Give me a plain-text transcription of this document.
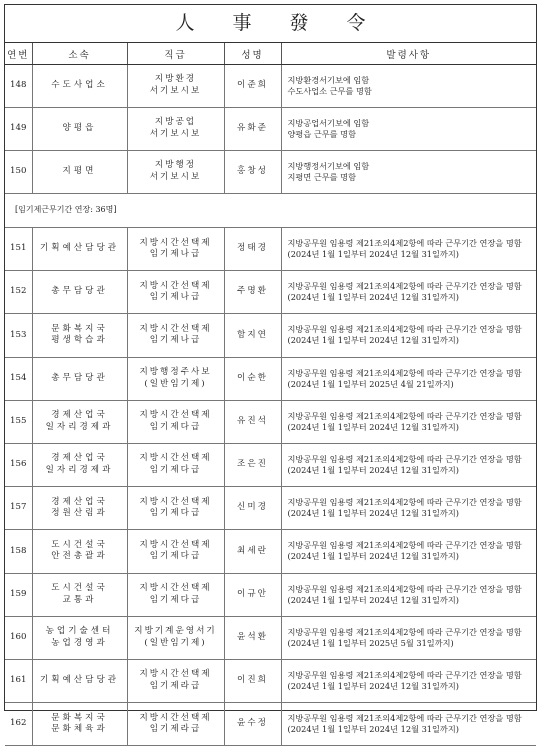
人 事 發 令
연번	소속	직급	성명	발령사항
148	수도사업소	지방환경
서기보시보	이준희	지방환경서기보에 임함
수도사업소 근무를 명함

149	양평읍	지방공업
서기보시보	유화준	지방공업서기보에 임함
양평읍 근무를 명함

150	지평면	지방행정
서기보시보	홍창성	지방행정서기보에 임함
지평면 근무를 명함

[임기제근무기간 연장: 36명]				
151	기획예산담당관	지방시간선택제
임기제나급	정태경	지방공무원 임용령 제21조의4제2항에 따라 근무기간 연장을 명함
(2024년 1월 1일부터 2024년 12월 31일까지)

152	총무담당관	지방시간선택제
임기제나급	주명환	지방공무원 임용령 제21조의4제2항에 따라 근무기간 연장을 명함
(2024년 1월 1일부터 2024년 12월 31일까지)

153	문화복지국
평생학습과	지방시간선택제
임기제나급	함지연	지방공무원 임용령 제21조의4제2항에 따라 근무기간 연장을 명함
(2024년 1월 1일부터 2024년 12월 31일까지)

154	총무담당관	지방행정주사보
(일반임기제)	이순한	지방공무원 임용령 제21조의4제2항에 따라 근무기간 연장을 명함
(2024년 1월 1일부터 2025년 4월 21일까지)

155	경제산업국
일자리경제과	지방시간선택제
임기제다급	유진석	지방공무원 임용령 제21조의4제2항에 따라 근무기간 연장을 명함
(2024년 1월 1일부터 2024년 12월 31일까지)

156	경제산업국
일자리경제과	지방시간선택제
임기제다급	조은진	지방공무원 임용령 제21조의4제2항에 따라 근무기간 연장을 명함
(2024년 1월 1일부터 2024년 12월 31일까지)

157	경제산업국
정원산림과	지방시간선택제
임기제다급	신미경	지방공무원 임용령 제21조의4제2항에 따라 근무기간 연장을 명함
(2024년 1월 1일부터 2024년 12월 31일까지)

158	도시건설국
안전총괄과	지방시간선택제
임기제다급	최세란	지방공무원 임용령 제21조의4제2항에 따라 근무기간 연장을 명함
(2024년 1월 1일부터 2024년 12월 31일까지)

159	도시건설국
교통과	지방시간선택제
임기제다급	이규안	지방공무원 임용령 제21조의4제2항에 따라 근무기간 연장을 명함
(2024년 1월 1일부터 2024년 12월 31일까지)

160	농업기술센터
농업경영과	지방기계운영서기
(일반임기제)	윤석환	지방공무원 임용령 제21조의4제2항에 따라 근무기간 연장을 명함
(2024년 1월 1일부터 2025년 5월 31일까지)

161	기획예산담당관	지방시간선택제
임기제라급	이진희	지방공무원 임용령 제21조의4제2항에 따라 근무기간 연장을 명함
(2024년 1월 1일부터 2024년 12월 31일까지)

162	문화복지국
문화체육과	지방시간선택제
임기제라급	윤수정	지방공무원 임용령 제21조의4제2항에 따라 근무기간 연장을 명함
(2024년 1월 1일부터 2024년 12월 31일까지)
